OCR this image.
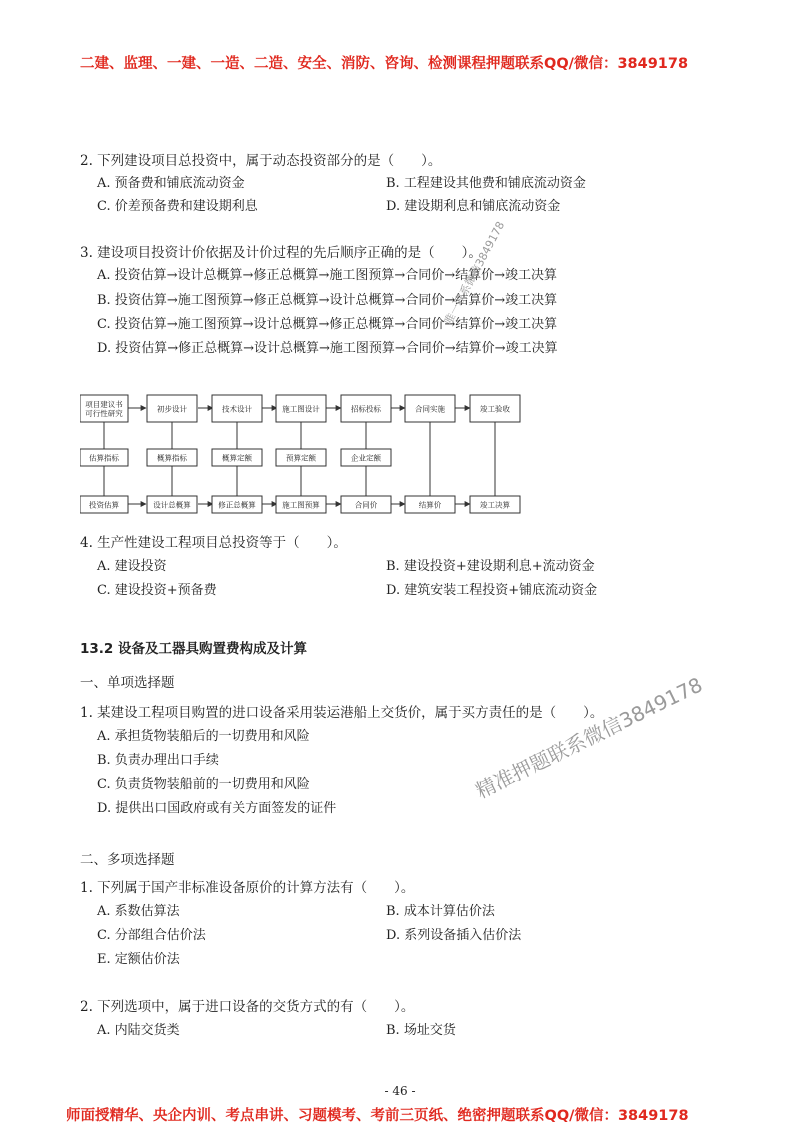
二建、监理、一建、一造、二造、安全、消防、咨询、检测课程押题联系QQ/微信：3849178
2. 下列建设项目总投资中，属于动态投资部分的是（　　）。
A. 预备费和铺底流动资金	B. 工程建设其他费和铺底流动资金
C. 价差预备费和建设期利息	D. 建设期利息和铺底流动资金
3. 建设项目投资计价依据及计价过程的先后顺序正确的是（　　）。
A. 投资估算→设计总概算→修正总概算→施工图预算→合同价→结算价→竣工决算
B. 投资估算→施工图预算→修正总概算→设计总概算→合同价→结算价→竣工决算
C. 投资估算→施工图预算→设计总概算→修正总概算→合同价→结算价→竣工决算
D. 投资估算→修正总概算→设计总概算→施工图预算→合同价→结算价→竣工决算
唯一联系微信3849178
项目建议书
可行性研究	初步设计	技术设计	施工图设计	招标投标	合同实施	竣工验收
估算指标	概算指标	概算定额	预算定额	企业定额
投资估算	设计总概算	修正总概算	施工图预算	合同价	结算价	竣工决算
4. 生产性建设工程项目总投资等于（　　）。
A. 建设投资	B. 建设投资+建设期利息+流动资金
C. 建设投资+预备费	D. 建筑安装工程投资+铺底流动资金
13.2 设备及工器具购置费构成及计算
一、单项选择题
1. 某建设工程项目购置的进口设备采用装运港船上交货价，属于买方责任的是（　　）。
A. 承担货物装船后的一切费用和风险
B. 负责办理出口手续
C. 负责货物装船前的一切费用和风险
D. 提供出口国政府或有关方面签发的证件
精准押题联系微信3849178
二、多项选择题
1. 下列属于国产非标准设备原价的计算方法有（　　）。
A. 系数估算法	B. 成本计算估价法
C. 分部组合估价法	D. 系列设备插入估价法
E. 定额估价法
2. 下列选项中，属于进口设备的交货方式的有（　　）。
A. 内陆交货类	B. 场址交货
- 46 -
师面授精华、央企内训、考点串讲、习题模考、考前三页纸、绝密押题联系QQ/微信：3849178
